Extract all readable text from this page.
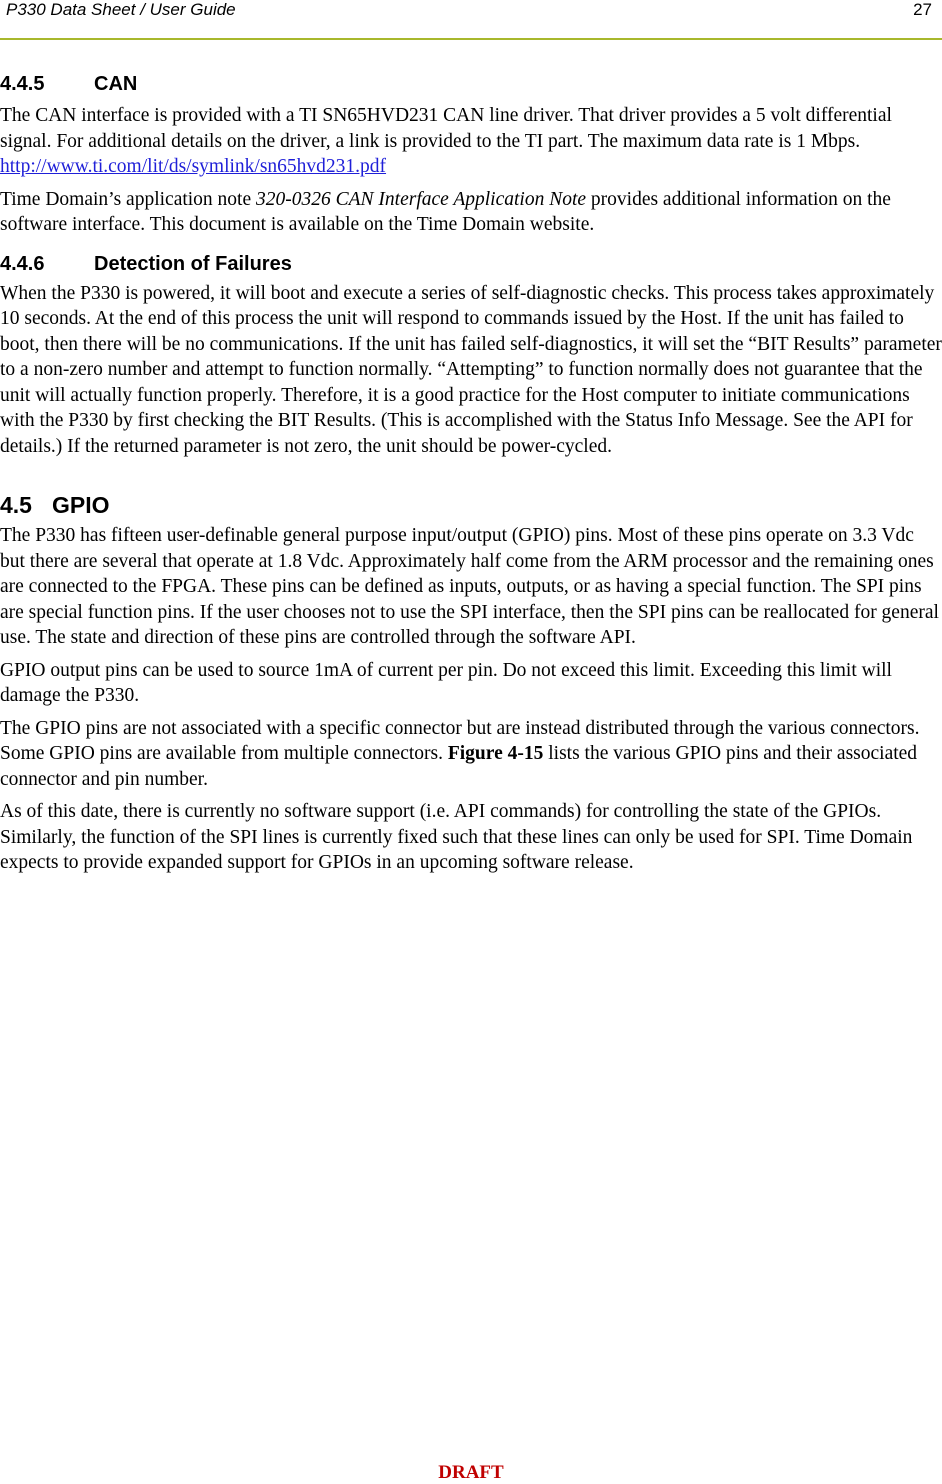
P330 Data Sheet / User Guide	27
4.4.5 CAN

The CAN interface is provided with a TI SN65HVD231 CAN line driver. That driver provides a 5 volt differential signal. For additional details on the driver, a link is provided to the TI part. The maximum data rate is 1 Mbps. http://www.ti.com/lit/ds/symlink/sn65hvd231.pdf

Time Domain’s application note 320-0326 CAN Interface Application Note provides additional information on the software interface. This document is available on the Time Domain website.

4.4.6 Detection of Failures

When the P330 is powered, it will boot and execute a series of self-diagnostic checks. This process takes approximately 10 seconds. At the end of this process the unit will respond to commands issued by the Host. If the unit has failed to boot, then there will be no communications. If the unit has failed self-diagnostics, it will set the “BIT Results” parameter to a non-zero number and attempt to function normally. “Attempting” to function normally does not guarantee that the unit will actually function properly. Therefore, it is a good practice for the Host computer to initiate communications with the P330 by first checking the BIT Results. (This is accomplished with the Status Info Message. See the API for details.) If the returned parameter is not zero, the unit should be power-cycled.

4.5 GPIO

The P330 has fifteen user-definable general purpose input/output (GPIO) pins. Most of these pins operate on 3.3 Vdc but there are several that operate at 1.8 Vdc. Approximately half come from the ARM processor and the remaining ones are connected to the FPGA. These pins can be defined as inputs, outputs, or as having a special function. The SPI pins are special function pins. If the user chooses not to use the SPI interface, then the SPI pins can be reallocated for general use. The state and direction of these pins are controlled through the software API.

GPIO output pins can be used to source 1mA of current per pin. Do not exceed this limit. Exceeding this limit will damage the P330.

The GPIO pins are not associated with a specific connector but are instead distributed through the various connectors. Some GPIO pins are available from multiple connectors. Figure 4-15 lists the various GPIO pins and their associated connector and pin number.

As of this date, there is currently no software support (i.e. API commands) for controlling the state of the GPIOs. Similarly, the function of the SPI lines is currently fixed such that these lines can only be used for SPI. Time Domain expects to provide expanded support for GPIOs in an upcoming software release.

DRAFT
